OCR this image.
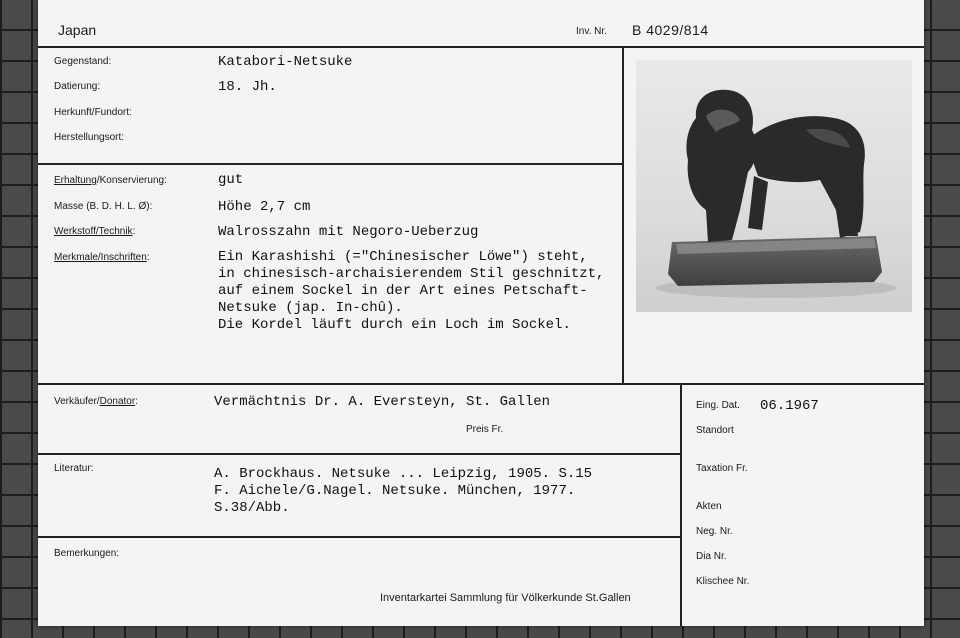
Japan	Inv. Nr. B 4029/814
Gegenstand:	Katabori-Netsuke
Datierung:	18. Jh.
Herkunft/Fundort:
Herstellungsort:
Erhaltung/Konservierung:	gut
Masse (B. D. H. L. Ø):	Höhe 2,7 cm
Werkstoff/Technik:	Walrosszahn mit Negoro-Ueberzug
Merkmale/Inschriften:	Ein Karashishi (="Chinesischer Löwe") steht,
in chinesisch-archaisierendem Stil geschnitzt,
auf einem Sockel in der Art eines Petschaft-
Netsuke (jap. In-chû).
Die Kordel läuft durch ein Loch im Sockel.
Verkäufer/Donator:	Vermächtnis Dr. A. Eversteyn, St. Gallen
Preis Fr.
Literatur:	A. Brockhaus. Netsuke ... Leipzig, 1905. S.15
F. Aichele/G.Nagel. Netsuke. München, 1977.
S.38/Abb.
Bemerkungen:
Inventarkartei Sammlung für Völkerkunde St.Gallen
Eing. Dat. 06.1967
Standort
Taxation Fr.
Akten
Neg. Nr.
Dia Nr.
Klischee Nr.
